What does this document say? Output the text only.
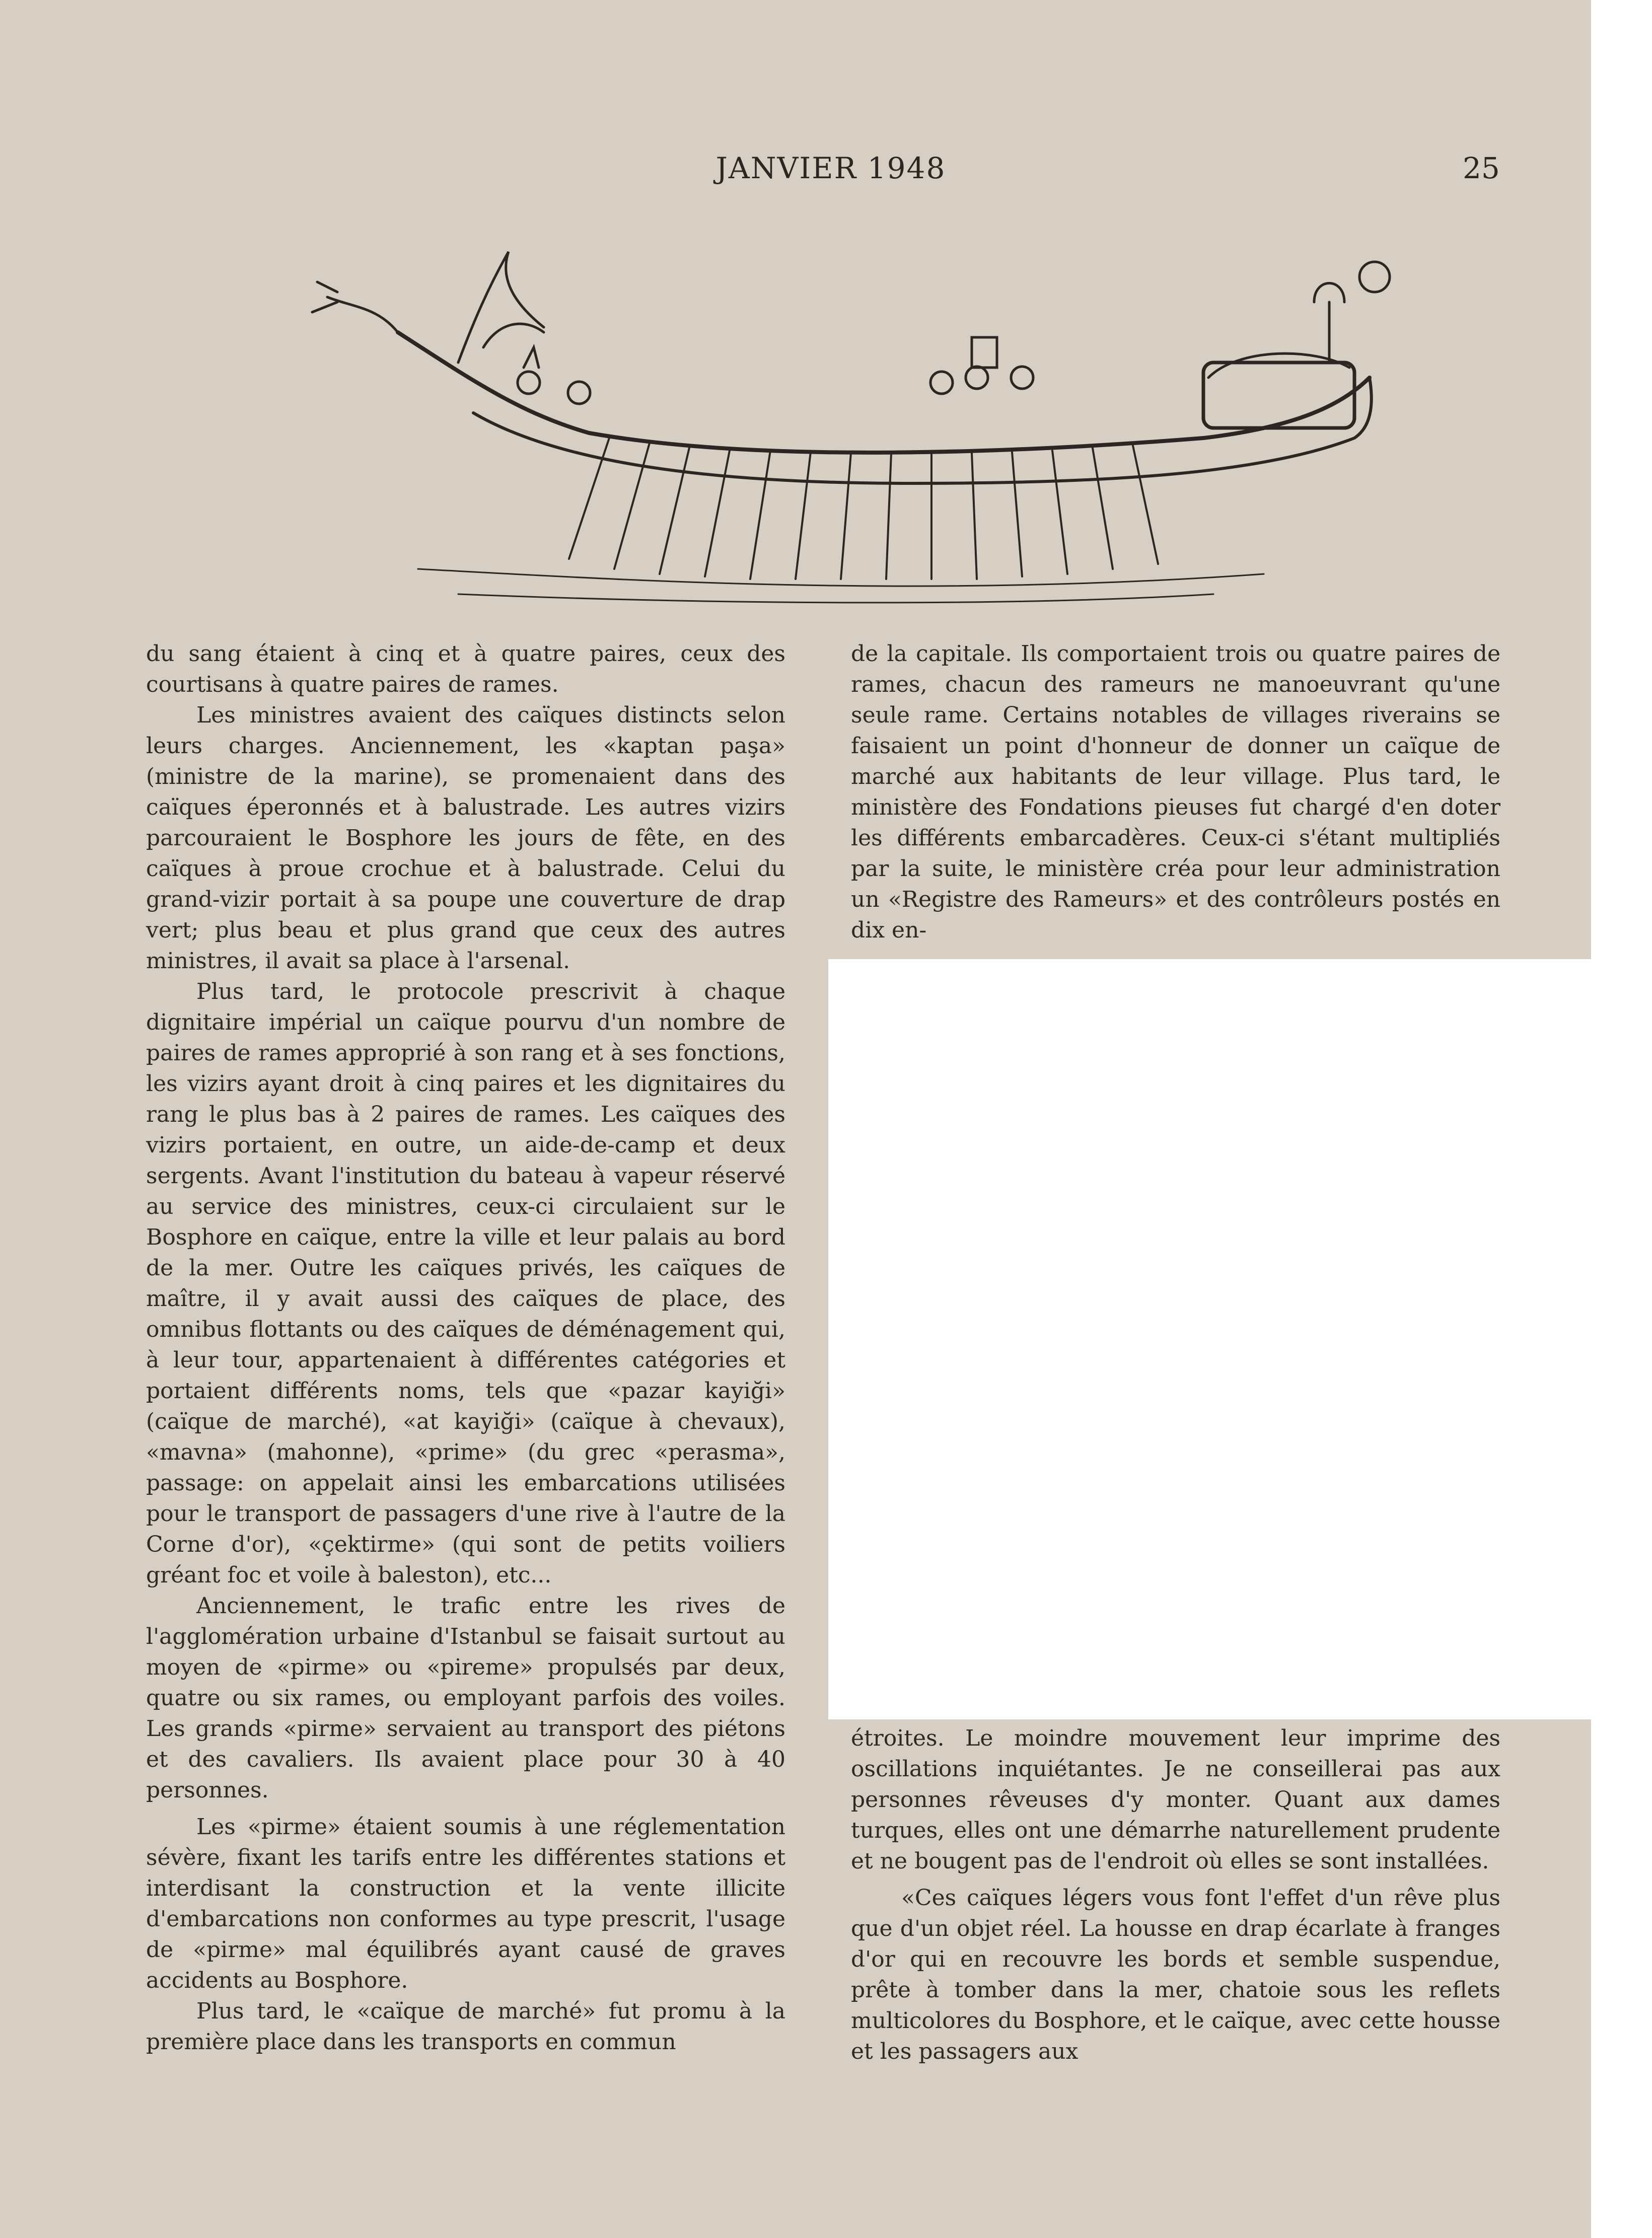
JANVIER 1948	25

du sang étaient à cinq et à quatre paires, ceux des courtisans à quatre paires de rames.

Les ministres avaient des caïques distincts selon leurs charges. Anciennement, les «kaptan paşa» (ministre de la marine), se promenaient dans des caïques éperonnés et à balustrade. Les autres vizirs parcouraient le Bosphore les jours de fête, en des caïques à proue crochue et à balustrade. Celui du grand-vizir portait à sa poupe une couverture de drap vert; plus beau et plus grand que ceux des autres ministres, il avait sa place à l'arsenal.

Plus tard, le protocole prescrivit à chaque dignitaire impérial un caïque pourvu d'un nombre de paires de rames approprié à son rang et à ses fonctions, les vizirs ayant droit à cinq paires et les dignitaires du rang le plus bas à 2 paires de rames. Les caïques des vizirs portaient, en outre, un aide-de-camp et deux sergents. Avant l'institution du bateau à vapeur réservé au service des ministres, ceux-ci circulaient sur le Bosphore en caïque, entre la ville et leur palais au bord de la mer. Outre les caïques privés, les caïques de maître, il y avait aussi des caïques de place, des omnibus flottants ou des caïques de déménagement qui, à leur tour, appartenaient à différentes catégories et portaient différents noms, tels que «pazar kayiği» (caïque de marché), «at kayiği» (caïque à chevaux), «mavna» (mahonne), «prime» (du grec «perasma», passage: on appelait ainsi les embarcations utilisées pour le transport de passagers d'une rive à l'autre de la Corne d'or), «çektirme» (qui sont de petits voiliers gréant foc et voile à baleston), etc...

Anciennement, le trafic entre les rives de l'agglomération urbaine d'Istanbul se faisait surtout au moyen de «pirme» ou «pireme» propulsés par deux, quatre ou six rames, ou employant parfois des voiles. Les grands «pirme» servaient au transport des piétons et des cavaliers. Ils avaient place pour 30 à 40 personnes.

Les «pirme» étaient soumis à une réglementation sévère, fixant les tarifs entre les différentes stations et interdisant la construction et la vente illicite d'embarcations non conformes au type prescrit, l'usage de «pirme» mal équilibrés ayant causé de graves accidents au Bosphore.

Plus tard, le «caïque de marché» fut promu à la première place dans les transports en commun

de la capitale. Ils comportaient trois ou quatre paires de rames, chacun des rameurs ne manoeuvrant qu'une seule rame. Certains notables de villages riverains se faisaient un point d'honneur de donner un caïque de marché aux habitants de leur village. Plus tard, le ministère des Fondations pieuses fut chargé d'en doter les différents embarcadères. Ceux-ci s'étant multipliés par la suite, le ministère créa pour leur administration un «Registre des Rameurs» et des contrôleurs postés en dix en-

étroites. Le moindre mouvement leur imprime des oscillations inquiétantes. Je ne conseillerai pas aux personnes rêveuses d'y monter. Quant aux dames turques, elles ont une démarrhe naturellement prudente et ne bougent pas de l'endroit où elles se sont installées.

«Ces caïques légers vous font l'effet d'un rêve plus que d'un objet réel. La housse en drap écarlate à franges d'or qui en recouvre les bords et semble suspendue, prête à tomber dans la mer, chatoie sous les reflets multicolores du Bosphore, et le caïque, avec cette housse et les passagers aux
